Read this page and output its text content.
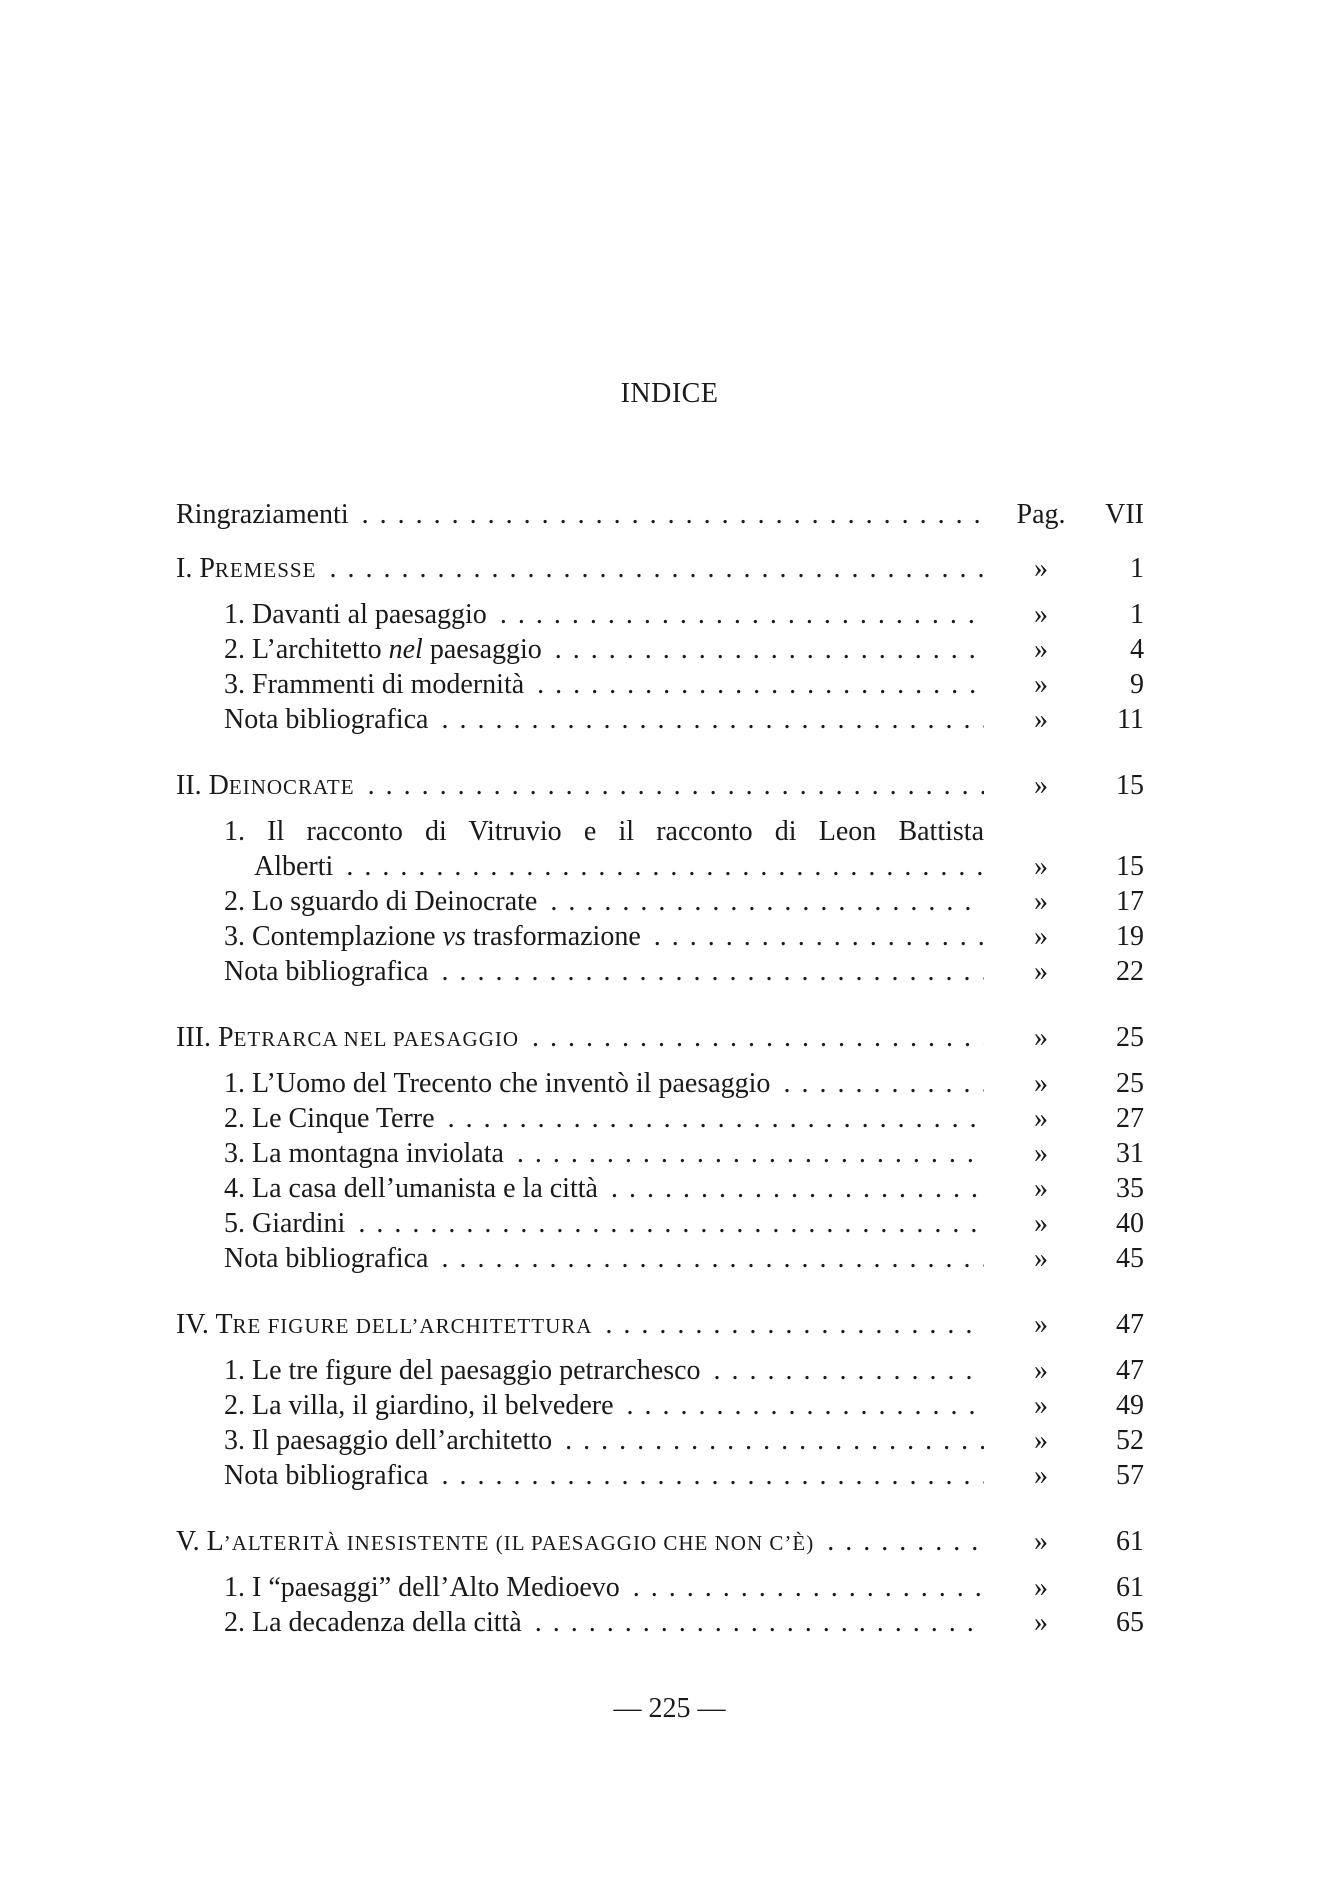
INDICE
Ringraziamenti . . .	Pag.	VII
I. PREMESSE . . .	»	1
1. Davanti al paesaggio . . .	»	1
2. L’architetto nel paesaggio . . .	»	4
3. Frammenti di modernità . . .	»	9
Nota bibliografica . . .	»	11
II. DEINOCRATE . . .	»	15
1. Il racconto di Vitruvio e il racconto di Leon Battista
Alberti . . .	»	15
2. Lo sguardo di Deinocrate . . .	»	17
3. Contemplazione vs trasformazione . . .	»	19
Nota bibliografica . . .	»	22
III. PETRARCA NEL PAESAGGIO . . .	»	25
1. L’Uomo del Trecento che inventò il paesaggio . . .	»	25
2. Le Cinque Terre . . .	»	27
3. La montagna inviolata . . .	»	31
4. La casa dell’umanista e la città . . .	»	35
5. Giardini . . .	»	40
Nota bibliografica . . .	»	45
IV. TRE FIGURE DELL’ARCHITETTURA . . .	»	47
1. Le tre figure del paesaggio petrarchesco . . .	»	47
2. La villa, il giardino, il belvedere . . .	»	49
3. Il paesaggio dell’architetto . . .	»	52
Nota bibliografica . . .	»	57
V. L’ALTERITÀ INESISTENTE (IL PAESAGGIO CHE NON C’È) . . .	»	61
1. I “paesaggi” dell’Alto Medioevo . . .	»	61
2. La decadenza della città . . .	»	65
— 225 —
